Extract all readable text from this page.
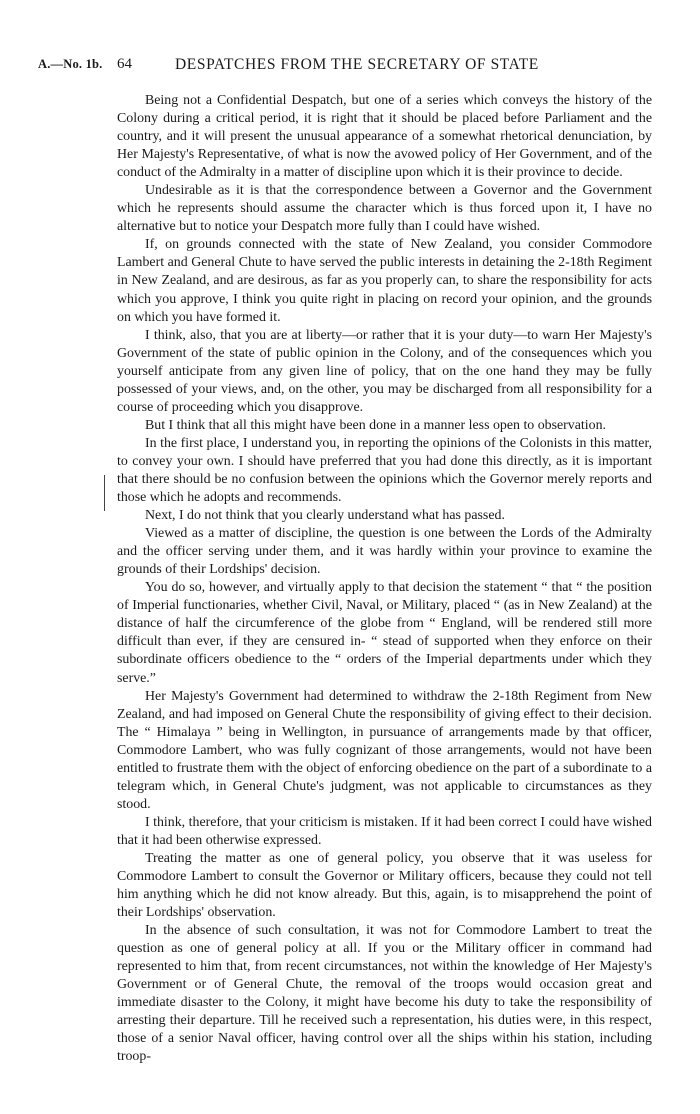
A.—No. 1b. 64	DESPATCHES FROM THE SECRETARY OF STATE

Being not a Confidential Despatch, but one of a series which conveys the history of the Colony during a critical period, it is right that it should be placed before Parliament and the country, and it will present the unusual appearance of a somewhat rhetorical denunciation, by Her Majesty's Representative, of what is now the avowed policy of Her Government, and of the conduct of the Admiralty in a matter of discipline upon which it is their province to decide.

Undesirable as it is that the correspondence between a Governor and the Government which he represents should assume the character which is thus forced upon it, I have no alternative but to notice your Despatch more fully than I could have wished.

If, on grounds connected with the state of New Zealand, you consider Commodore Lambert and General Chute to have served the public interests in detaining the 2-18th Regiment in New Zealand, and are desirous, as far as you properly can, to share the responsibility for acts which you approve, I think you quite right in placing on record your opinion, and the grounds on which you have formed it.

I think, also, that you are at liberty—or rather that it is your duty—to warn Her Majesty's Government of the state of public opinion in the Colony, and of the consequences which you yourself anticipate from any given line of policy, that on the one hand they may be fully possessed of your views, and, on the other, you may be discharged from all responsibility for a course of proceeding which you disapprove.

But I think that all this might have been done in a manner less open to observation.

In the first place, I understand you, in reporting the opinions of the Colonists in this matter, to convey your own. I should have preferred that you had done this directly, as it is important that there should be no confusion between the opinions which the Governor merely reports and those which he adopts and recommends.

Next, I do not think that you clearly understand what has passed.

Viewed as a matter of discipline, the question is one between the Lords of the Admiralty and the officer serving under them, and it was hardly within your province to examine the grounds of their Lordships' decision.

You do so, however, and virtually apply to that decision the statement “ that “ the position of Imperial functionaries, whether Civil, Naval, or Military, placed “ (as in New Zealand) at the distance of half the circumference of the globe from “ England, will be rendered still more difficult than ever, if they are censured in- “ stead of supported when they enforce on their subordinate officers obedience to the “ orders of the Imperial departments under which they serve.”

Her Majesty's Government had determined to withdraw the 2-18th Regiment from New Zealand, and had imposed on General Chute the responsibility of giving effect to their decision. The “ Himalaya ” being in Wellington, in pursuance of arrangements made by that officer, Commodore Lambert, who was fully cognizant of those arrangements, would not have been entitled to frustrate them with the object of enforcing obedience on the part of a subordinate to a telegram which, in General Chute's judgment, was not applicable to circumstances as they stood.

I think, therefore, that your criticism is mistaken. If it had been correct I could have wished that it had been otherwise expressed.

Treating the matter as one of general policy, you observe that it was useless for Commodore Lambert to consult the Governor or Military officers, because they could not tell him anything which he did not know already. But this, again, is to misapprehend the point of their Lordships' observation.

In the absence of such consultation, it was not for Commodore Lambert to treat the question as one of general policy at all. If you or the Military officer in command had represented to him that, from recent circumstances, not within the knowledge of Her Majesty's Government or of General Chute, the removal of the troops would occasion great and immediate disaster to the Colony, it might have become his duty to take the responsibility of arresting their departure. Till he received such a representation, his duties were, in this respect, those of a senior Naval officer, having control over all the ships within his station, including troop-
